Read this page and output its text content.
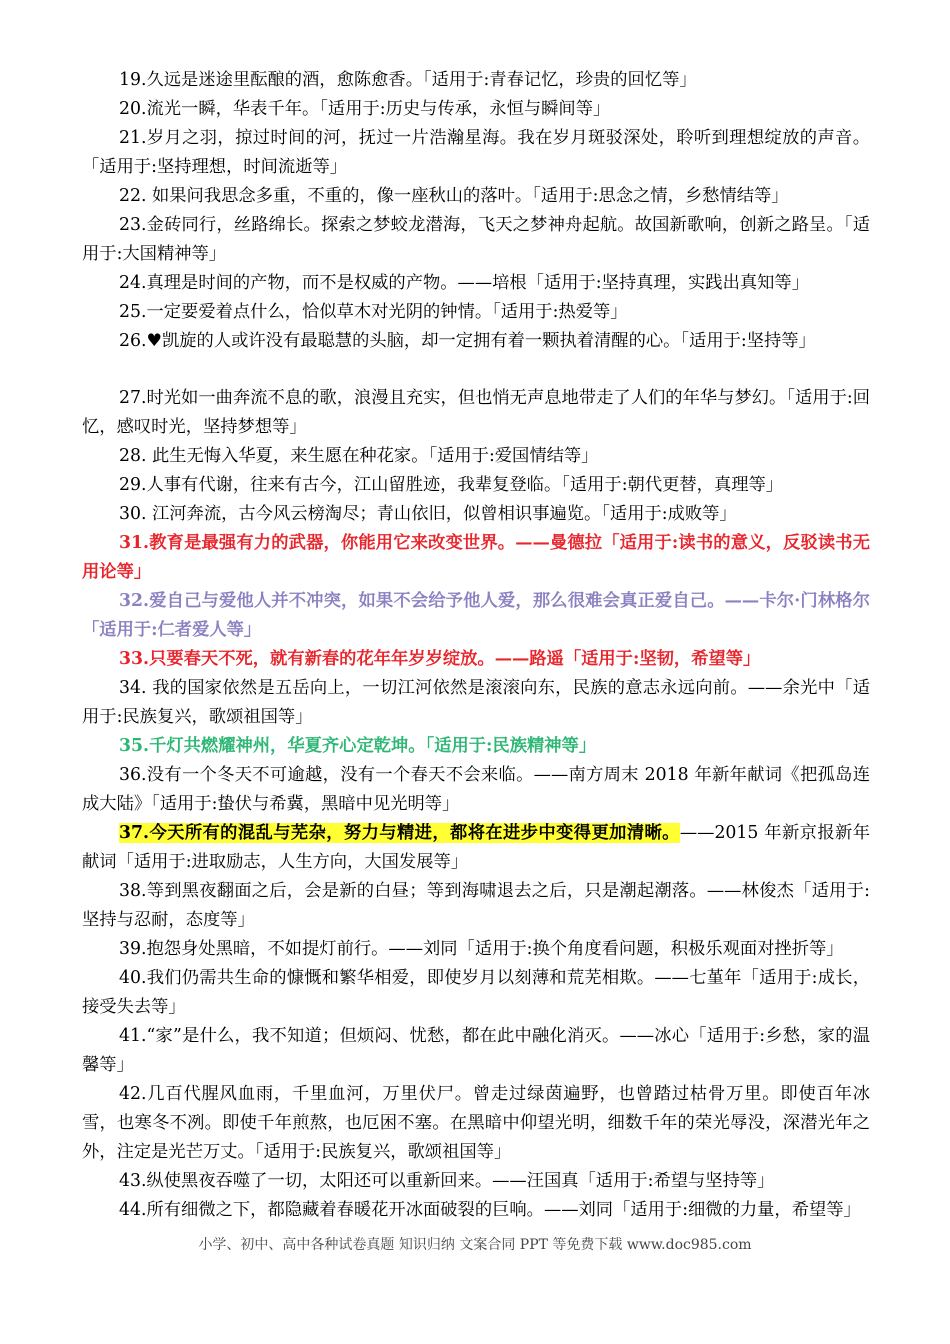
19.久远是迷途里酝酿的酒，愈陈愈香。「适用于:青春记忆，珍贵的回忆等」

20.流光一瞬，华表千年。「适用于:历史与传承，永恒与瞬间等」

21.岁月之羽，掠过时间的河，抚过一片浩瀚星海。我在岁月斑驳深处，聆听到理想绽放的声音。「适用于:坚持理想，时间流逝等」

22. 如果问我思念多重，不重的，像一座秋山的落叶。「适用于:思念之情，乡愁情结等」

23.金砖同行，丝路绵长。探索之梦蛟龙潜海，飞天之梦神舟起航。故国新歌响，创新之路呈。「适用于:大国精神等」

24.真理是时间的产物，而不是权威的产物。——培根「适用于:坚持真理，实践出真知等」

25.一定要爱着点什么，恰似草木对光阴的钟情。「适用于:热爱等」

26.♥凯旋的人或许没有最聪慧的头脑，却一定拥有着一颗执着清醒的心。「适用于:坚持等」

27.时光如一曲奔流不息的歌，浪漫且充实，但也悄无声息地带走了人们的年华与梦幻。「适用于:回忆，感叹时光，坚持梦想等」

28. 此生无悔入华夏，来生愿在种花家。「适用于:爱国情结等」

29.人事有代谢，往来有古今，江山留胜迹，我辈复登临。「适用于:朝代更替，真理等」

30. 江河奔流，古今风云榜淘尽；青山依旧，似曾相识事遍览。「适用于:成败等」

31.教育是最强有力的武器，你能用它来改变世界。——曼德拉「适用于:读书的意义，反驳读书无用论等」

32.爱自己与爱他人并不冲突，如果不会给予他人爱，那么很难会真正爱自己。——卡尔·门林格尔「适用于:仁者爱人等」

33.只要春天不死，就有新春的花年年岁岁绽放。——路遥「适用于:坚韧，希望等」

34. 我的国家依然是五岳向上，一切江河依然是滚滚向东，民族的意志永远向前。——余光中「适用于:民族复兴，歌颂祖国等」

35.千灯共燃耀神州，华夏齐心定乾坤。「适用于:民族精神等」

36.没有一个冬天不可逾越，没有一个春天不会来临。——南方周末 2018 年新年献词《把孤岛连成大陆》「适用于:蛰伏与希冀，黑暗中见光明等」

37.今天所有的混乱与芜杂，努力与精进，都将在进步中变得更加清晰。——2015 年新京报新年献词「适用于:进取励志，人生方向，大国发展等」

38.等到黑夜翻面之后，会是新的白昼；等到海啸退去之后，只是潮起潮落。——林俊杰「适用于:坚持与忍耐，态度等」

39.抱怨身处黑暗，不如提灯前行。——刘同「适用于:换个角度看问题，积极乐观面对挫折等」

40.我们仍需共生命的慷慨和繁华相爱，即使岁月以刻薄和荒芜相欺。——七堇年「适用于:成长，接受失去等」

41.“家”是什么，我不知道；但烦闷、忧愁，都在此中融化消灭。——冰心「适用于:乡愁，家的温馨等」

42.几百代腥风血雨，千里血河，万里伏尸。曾走过绿茵遍野，也曾踏过枯骨万里。即使百年冰雪，也寒冬不冽。即使千年煎熬，也厄困不塞。在黑暗中仰望光明，细数千年的荣光辱没，深潜光年之外，注定是光芒万丈。「适用于:民族复兴，歌颂祖国等」

43.纵使黑夜吞噬了一切，太阳还可以重新回来。——汪国真「适用于:希望与坚持等」

44.所有细微之下，都隐藏着春暖花开冰面破裂的巨响。——刘同「适用于:细微的力量，希望等」

小学、初中、高中各种试卷真题 知识归纳 文案合同 PPT 等免费下载 www.doc985.com
